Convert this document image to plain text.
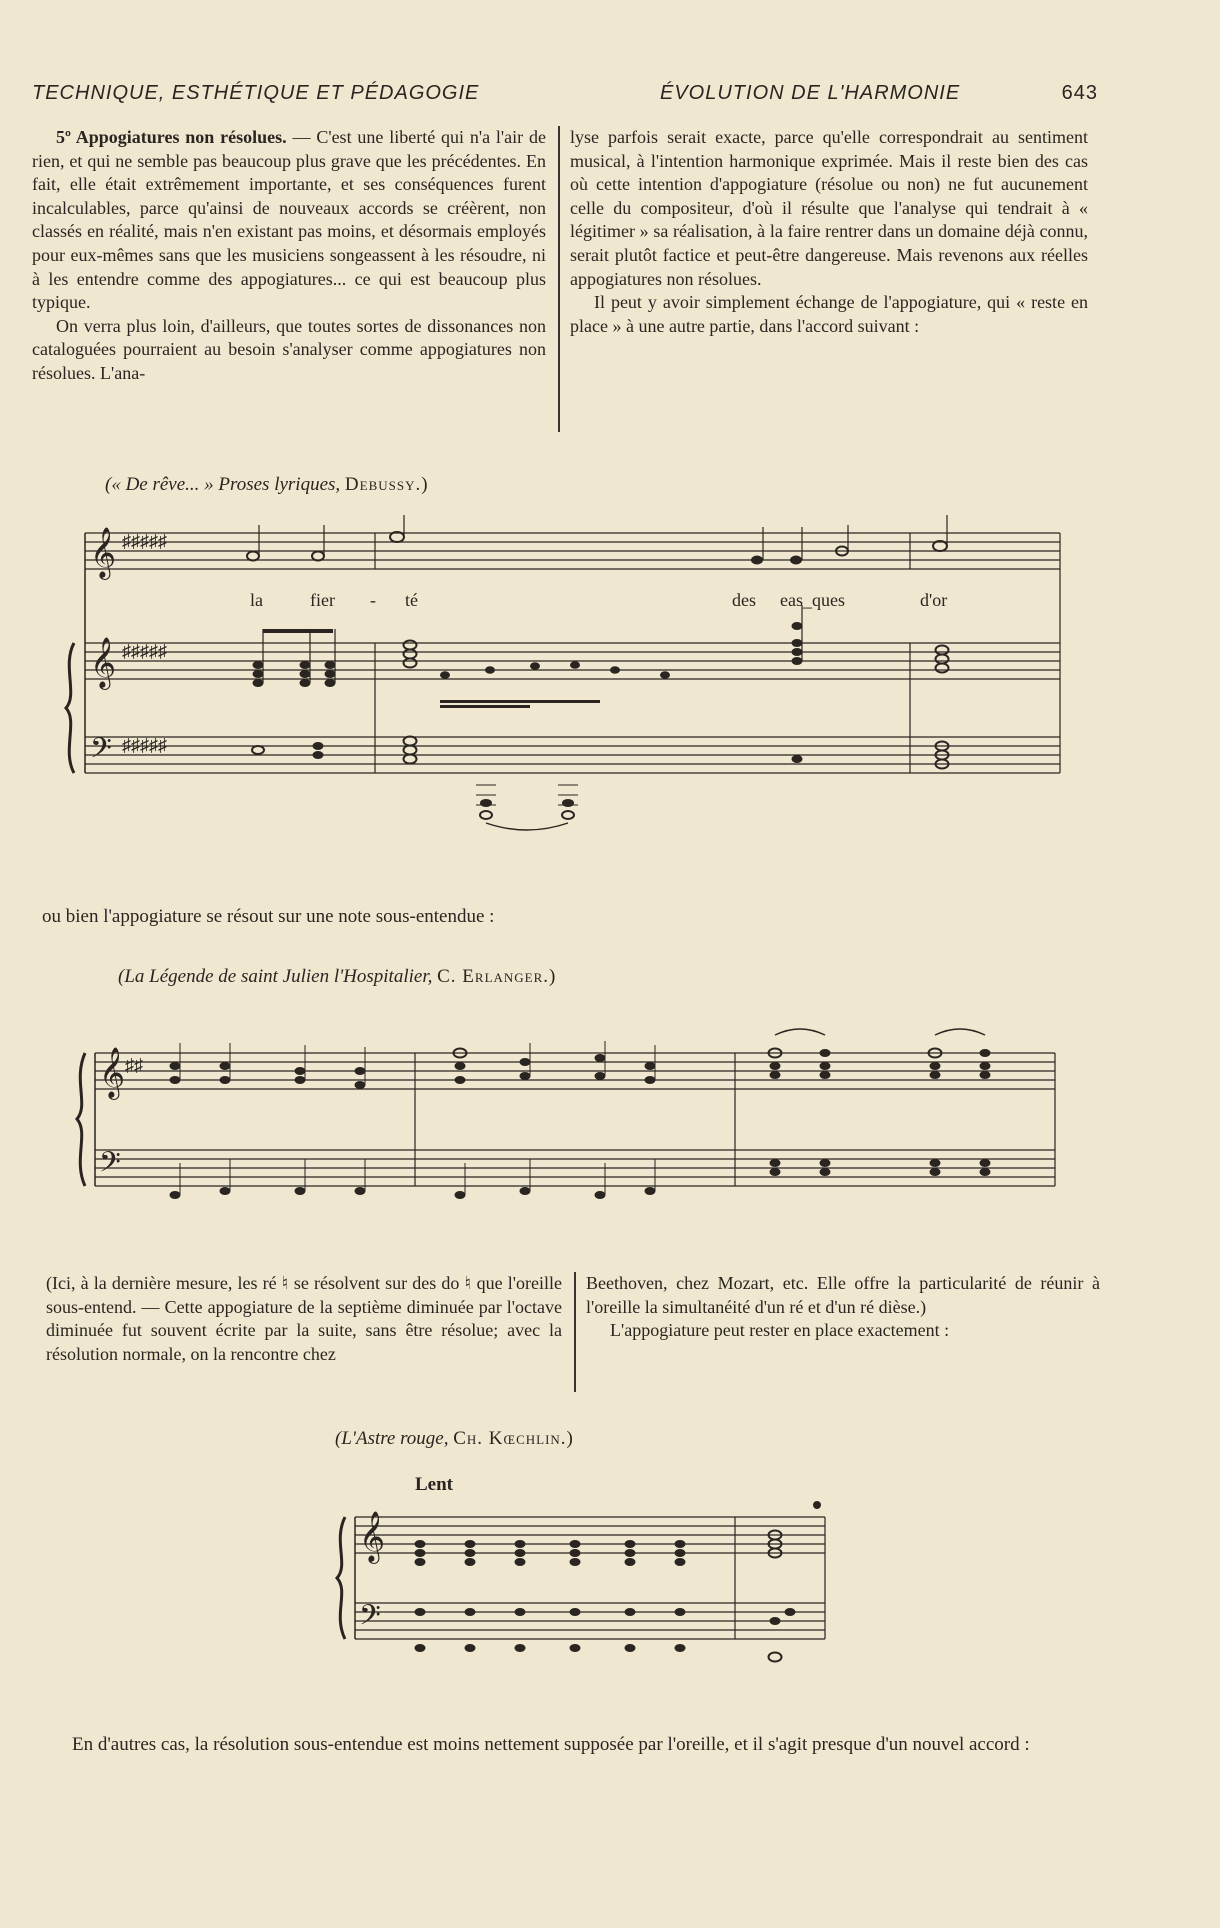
TECHNIQUE, ESTHÉTIQUE ET PÉDAGOGIE	ÉVOLUTION DE L'HARMONIE	643

5º Appogiatures non résolues. — C'est une liberté qui n'a l'air de rien, et qui ne semble pas beaucoup plus grave que les précédentes. En fait, elle était extrêmement importante, et ses conséquences furent incalculables, parce qu'ainsi de nouveaux accords se créèrent, non classés en réalité, mais n'en existant pas moins, et désormais employés pour eux-mêmes sans que les musiciens songeassent à les résoudre, ni à les entendre comme des appogiatures... ce qui est beaucoup plus typique.

On verra plus loin, d'ailleurs, que toutes sortes de dissonances non cataloguées pourraient au besoin s'analyser comme appogiatures non résolues. L'ana-

lyse parfois serait exacte, parce qu'elle correspondrait au sentiment musical, à l'intention harmonique exprimée. Mais il reste bien des cas où cette intention d'appogiature (résolue ou non) ne fut aucunement celle du compositeur, d'où il résulte que l'analyse qui tendrait à « légitimer » sa réalisation, à la faire rentrer dans un domaine déjà connu, serait plutôt factice et peut-être dangereuse. Mais revenons aux réelles appogiatures non résolues.

Il peut y avoir simplement échange de l'appogiature, qui « reste en place » à une autre partie, dans l'accord suivant :

(« De rêve... » Proses lyriques, Debussy.)
𝄞
𝄞
𝄢
♯♯♯♯♯
♯♯♯♯♯
♯♯♯♯♯
la	fier - té	des eas_ques	d'or
ou bien l'appogiature se résout sur une note sous-entendue :
(La Légende de saint Julien l'Hospitalier, C. Erlanger.)
𝄞
𝄢
♯♯

(Ici, à la dernière mesure, les ré ♮ se résolvent sur des do ♮ que l'oreille sous-entend. — Cette appogiature de la septième diminuée par l'octave diminuée fut souvent écrite par la suite, sans être résolue; avec la résolution normale, on la rencontre chez

Beethoven, chez Mozart, etc. Elle offre la particularité de réunir à l'oreille la simultanéité d'un ré et d'un ré dièse.)

L'appogiature peut rester en place exactement :

(L'Astre rouge, Ch. Kœchlin.)
Lent
𝄞
𝄢
En d'autres cas, la résolution sous-entendue est moins nettement supposée par l'oreille, et il s'agit presque d'un nouvel accord :
